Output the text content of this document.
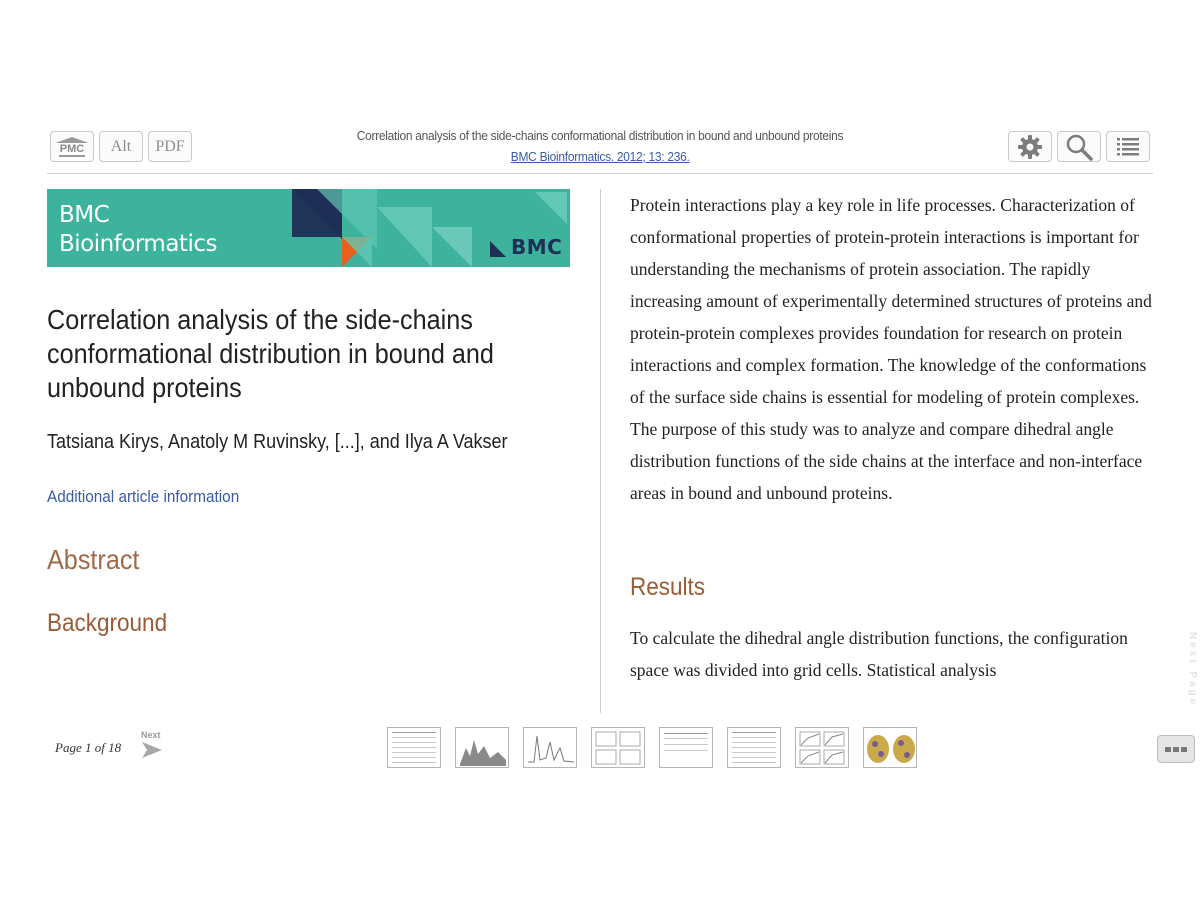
PMC Alt PDF
Correlation analysis of the side-chains conformational distribution in bound and unbound proteins
BMC Bioinformatics. 2012; 13: 236.
BMC
Bioinformatics	BMC
Correlation analysis of the side-chains conformational distribution in bound and unbound proteins
Tatsiana Kirys, Anatoly M Ruvinsky, [...], and Ilya A Vakser
Additional article information
Abstract
Background

Protein interactions play a key role in life processes. Characterization of conformational properties of protein-protein interactions is important for understanding the mechanisms of protein association. The rapidly increasing amount of experimentally determined structures of proteins and protein-protein complexes provides foundation for research on protein interactions and complex formation. The knowledge of the conformations of the surface side chains is essential for modeling of protein complexes. The purpose of this study was to analyze and compare dihedral angle distribution functions of the side chains at the interface and non-interface areas in bound and unbound proteins.

Results

To calculate the dihedral angle distribution functions, the configuration space was divided into grid cells. Statistical analysis

Page 1 of 18
Next
Next Page
